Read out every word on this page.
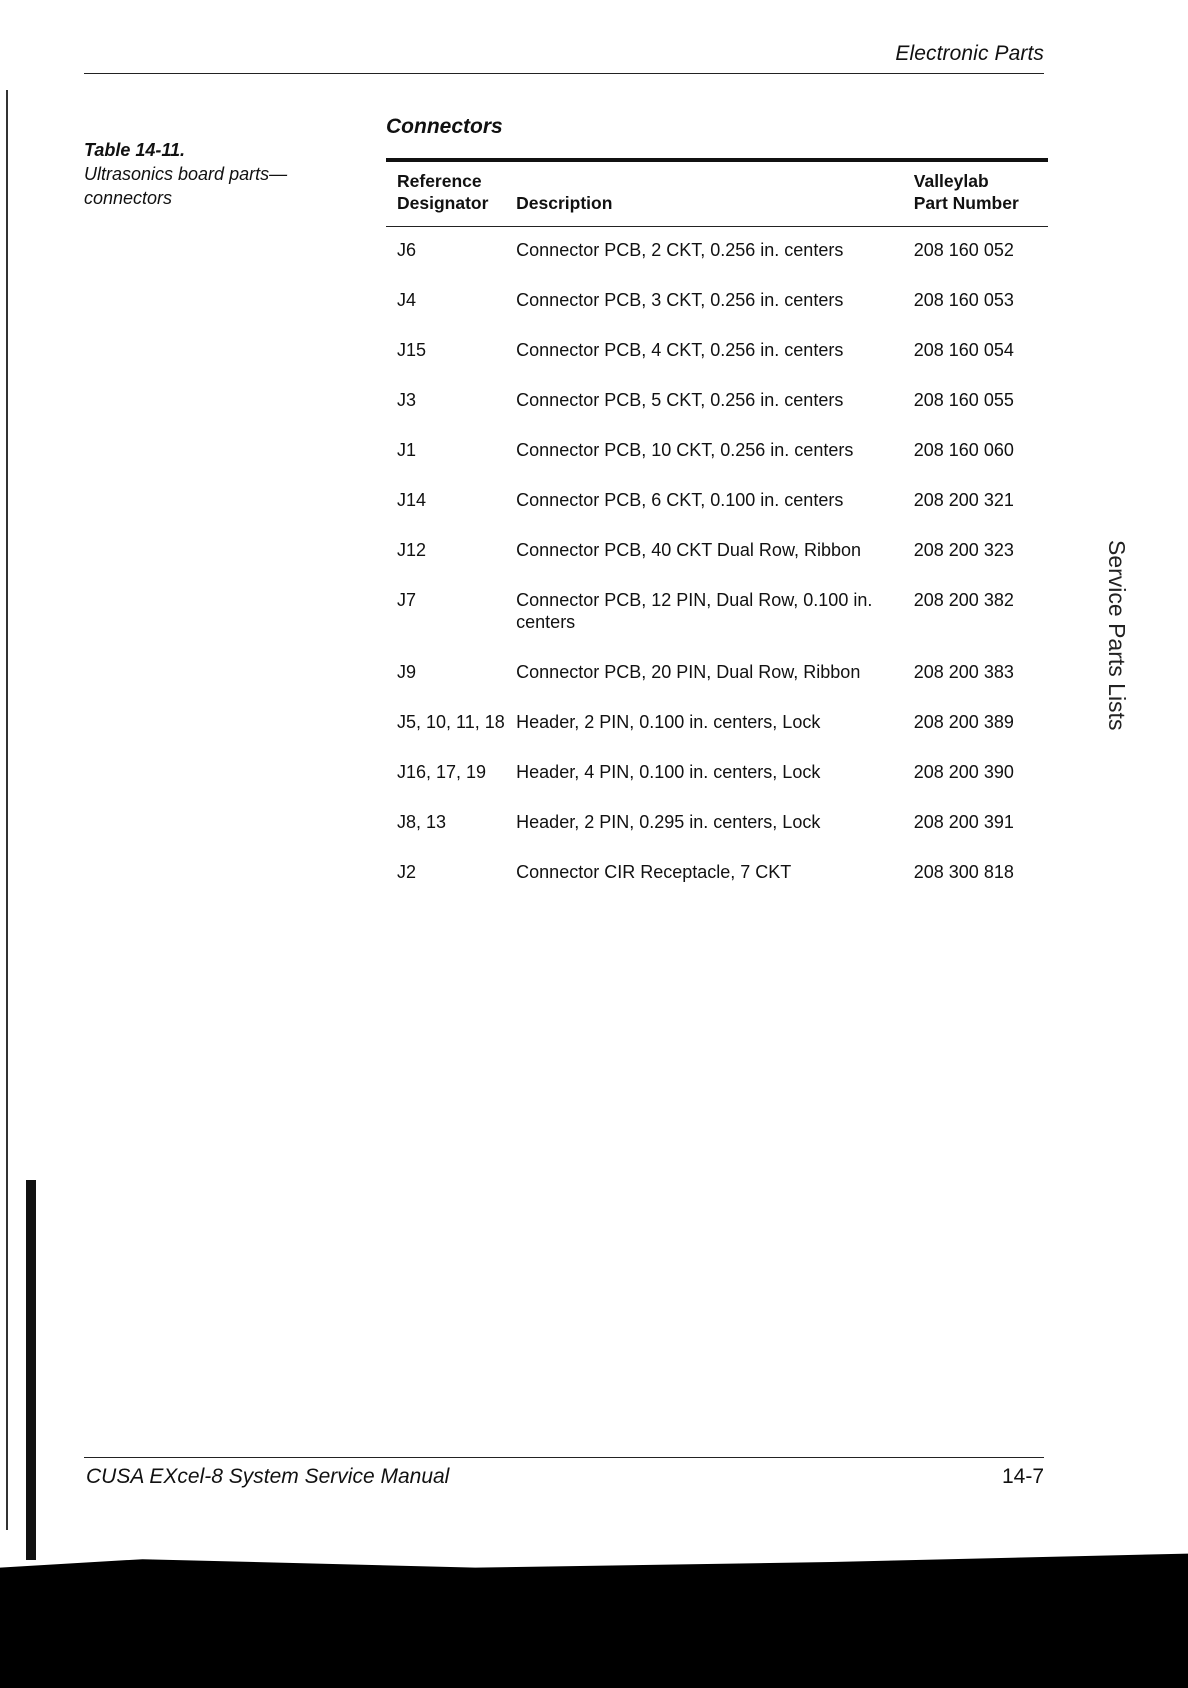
Electronic Parts
Table 14-11.
Ultrasonics board parts—connectors
Connectors

Reference
Designator	Description	Valleylab
Part Number
J6	Connector PCB, 2 CKT, 0.256 in. centers	208 160 052
J4	Connector PCB, 3 CKT, 0.256 in. centers	208 160 053
J15	Connector PCB, 4 CKT, 0.256 in. centers	208 160 054
J3	Connector PCB, 5 CKT, 0.256 in. centers	208 160 055
J1	Connector PCB, 10 CKT, 0.256 in. centers	208 160 060
J14	Connector PCB, 6 CKT, 0.100 in. centers	208 200 321
J12	Connector PCB, 40 CKT Dual Row, Ribbon	208 200 323
J7	Connector PCB, 12 PIN, Dual Row, 0.100 in. centers	208 200 382
J9	Connector PCB, 20 PIN, Dual Row, Ribbon	208 200 383
J5, 10, 11, 18	Header, 2 PIN, 0.100 in. centers, Lock	208 200 389
J16, 17, 19	Header, 4 PIN, 0.100 in. centers, Lock	208 200 390
J8, 13	Header, 2 PIN, 0.295 in. centers, Lock	208 200 391
J2	Connector CIR Receptacle, 7 CKT	208 300 818
Service Parts Lists
CUSA EXcel-8 System Service Manual	14-7
